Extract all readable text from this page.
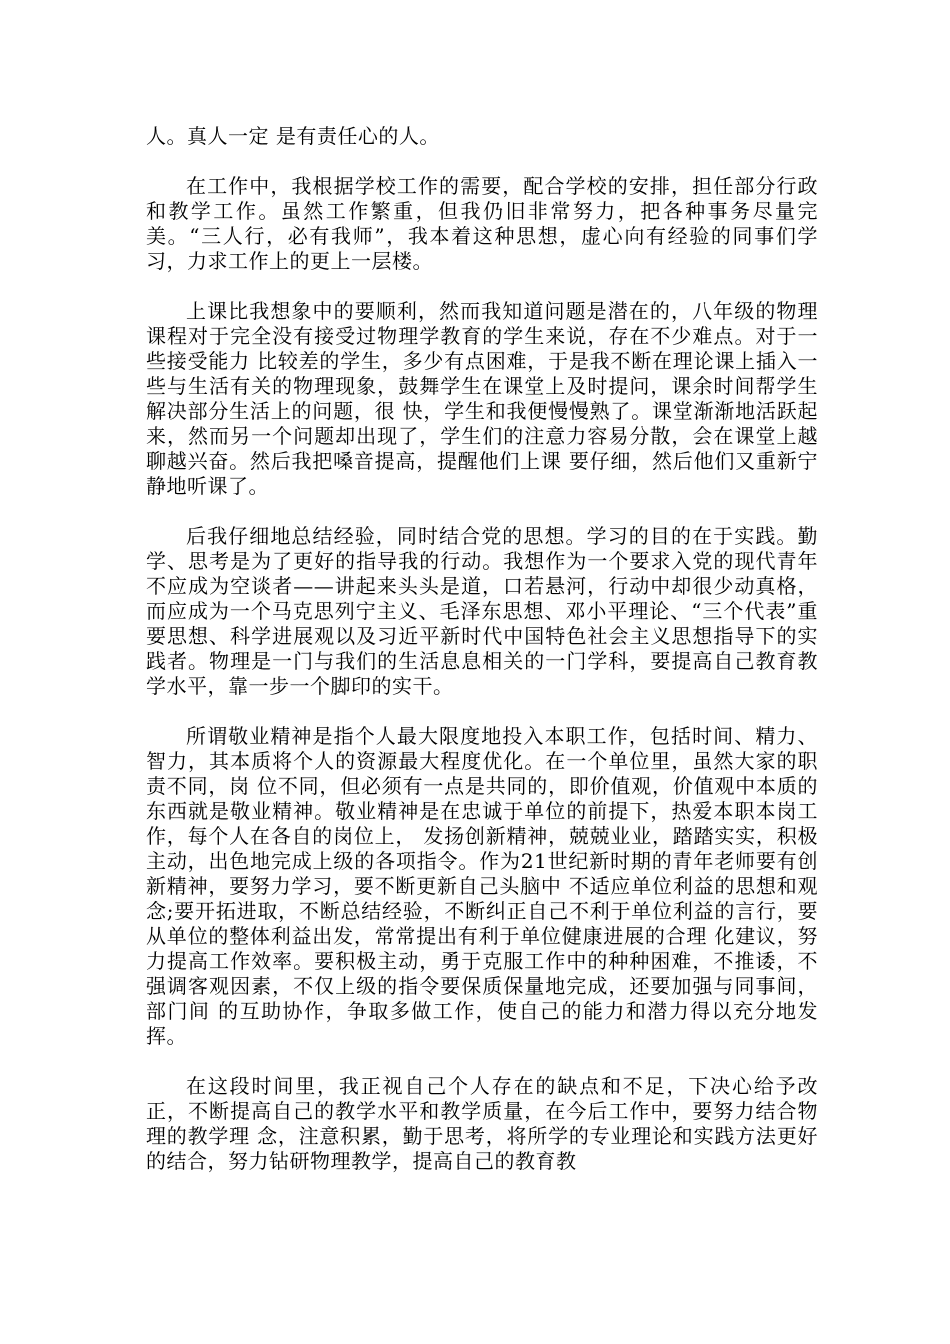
人。真人一定 是有责任心的人。

在工作中，我根据学校工作的需要，配合学校的安排，担任部分行政和教学工作。虽然工作繁重，但我仍旧非常努力，把各种事务尽量完美。“三人行，必有我师”，我本着这种思想，虚心向有经验的同事们学习，力求工作上的更上一层楼。

上课比我想象中的要顺利，然而我知道问题是潜在的，八年级的物理课程对于完全没有接受过物理学教育的学生来说，存在不少难点。对于一些接受能力 比较差的学生，多少有点困难，于是我不断在理论课上插入一些与生活有关的物理现象，鼓舞学生在课堂上及时提问，课余时间帮学生解决部分生活上的问题，很 快，学生和我便慢慢熟了。课堂渐渐地活跃起来，然而另一个问题却出现了，学生们的注意力容易分散，会在课堂上越聊越兴奋。然后我把嗓音提高，提醒他们上课 要仔细，然后他们又重新宁静地听课了。

后我仔细地总结经验，同时结合党的思想。学习的目的在于实践。勤学、思考是为了更好的指导我的行动。我想作为一个要求入党的现代青年不应成为空谈者——讲起来头头是道，口若悬河，行动中却很少动真格，而应成为一个马克思列宁主义、毛泽东思想、邓小平理论、“三个代表”重要思想、科学进展观以及习近平新时代中国特色社会主义思想指导下的实践者。物理是一门与我们的生活息息相关的一门学科，要提高自己教育教学水平，靠一步一个脚印的实干。

所谓敬业精神是指个人最大限度地投入本职工作，包括时间、精力、智力，其本质将个人的资源最大程度优化。在一个单位里，虽然大家的职责不同，岗 位不同，但必须有一点是共同的，即价值观，价值观中本质的东西就是敬业精神。敬业精神是在忠诚于单位的前提下，热爱本职本岗工作，每个人在各自的岗位上， 发扬创新精神，兢兢业业，踏踏实实，积极主动，出色地完成上级的各项指令。作为21世纪新时期的青年老师要有创新精神，要努力学习，要不断更新自己头脑中 不适应单位利益的思想和观念;要开拓进取，不断总结经验，不断纠正自己不利于单位利益的言行，要从单位的整体利益出发，常常提出有利于单位健康进展的合理 化建议，努力提高工作效率。要积极主动，勇于克服工作中的种种困难，不推诿，不强调客观因素，不仅上级的指令要保质保量地完成，还要加强与同事间，部门间 的互助协作，争取多做工作，使自己的能力和潜力得以充分地发挥。

在这段时间里，我正视自己个人存在的缺点和不足，下决心给予改正，不断提高自己的教学水平和教学质量，在今后工作中，要努力结合物理的教学理 念，注意积累，勤于思考，将所学的专业理论和实践方法更好的结合，努力钻研物理教学，提高自己的教育教
